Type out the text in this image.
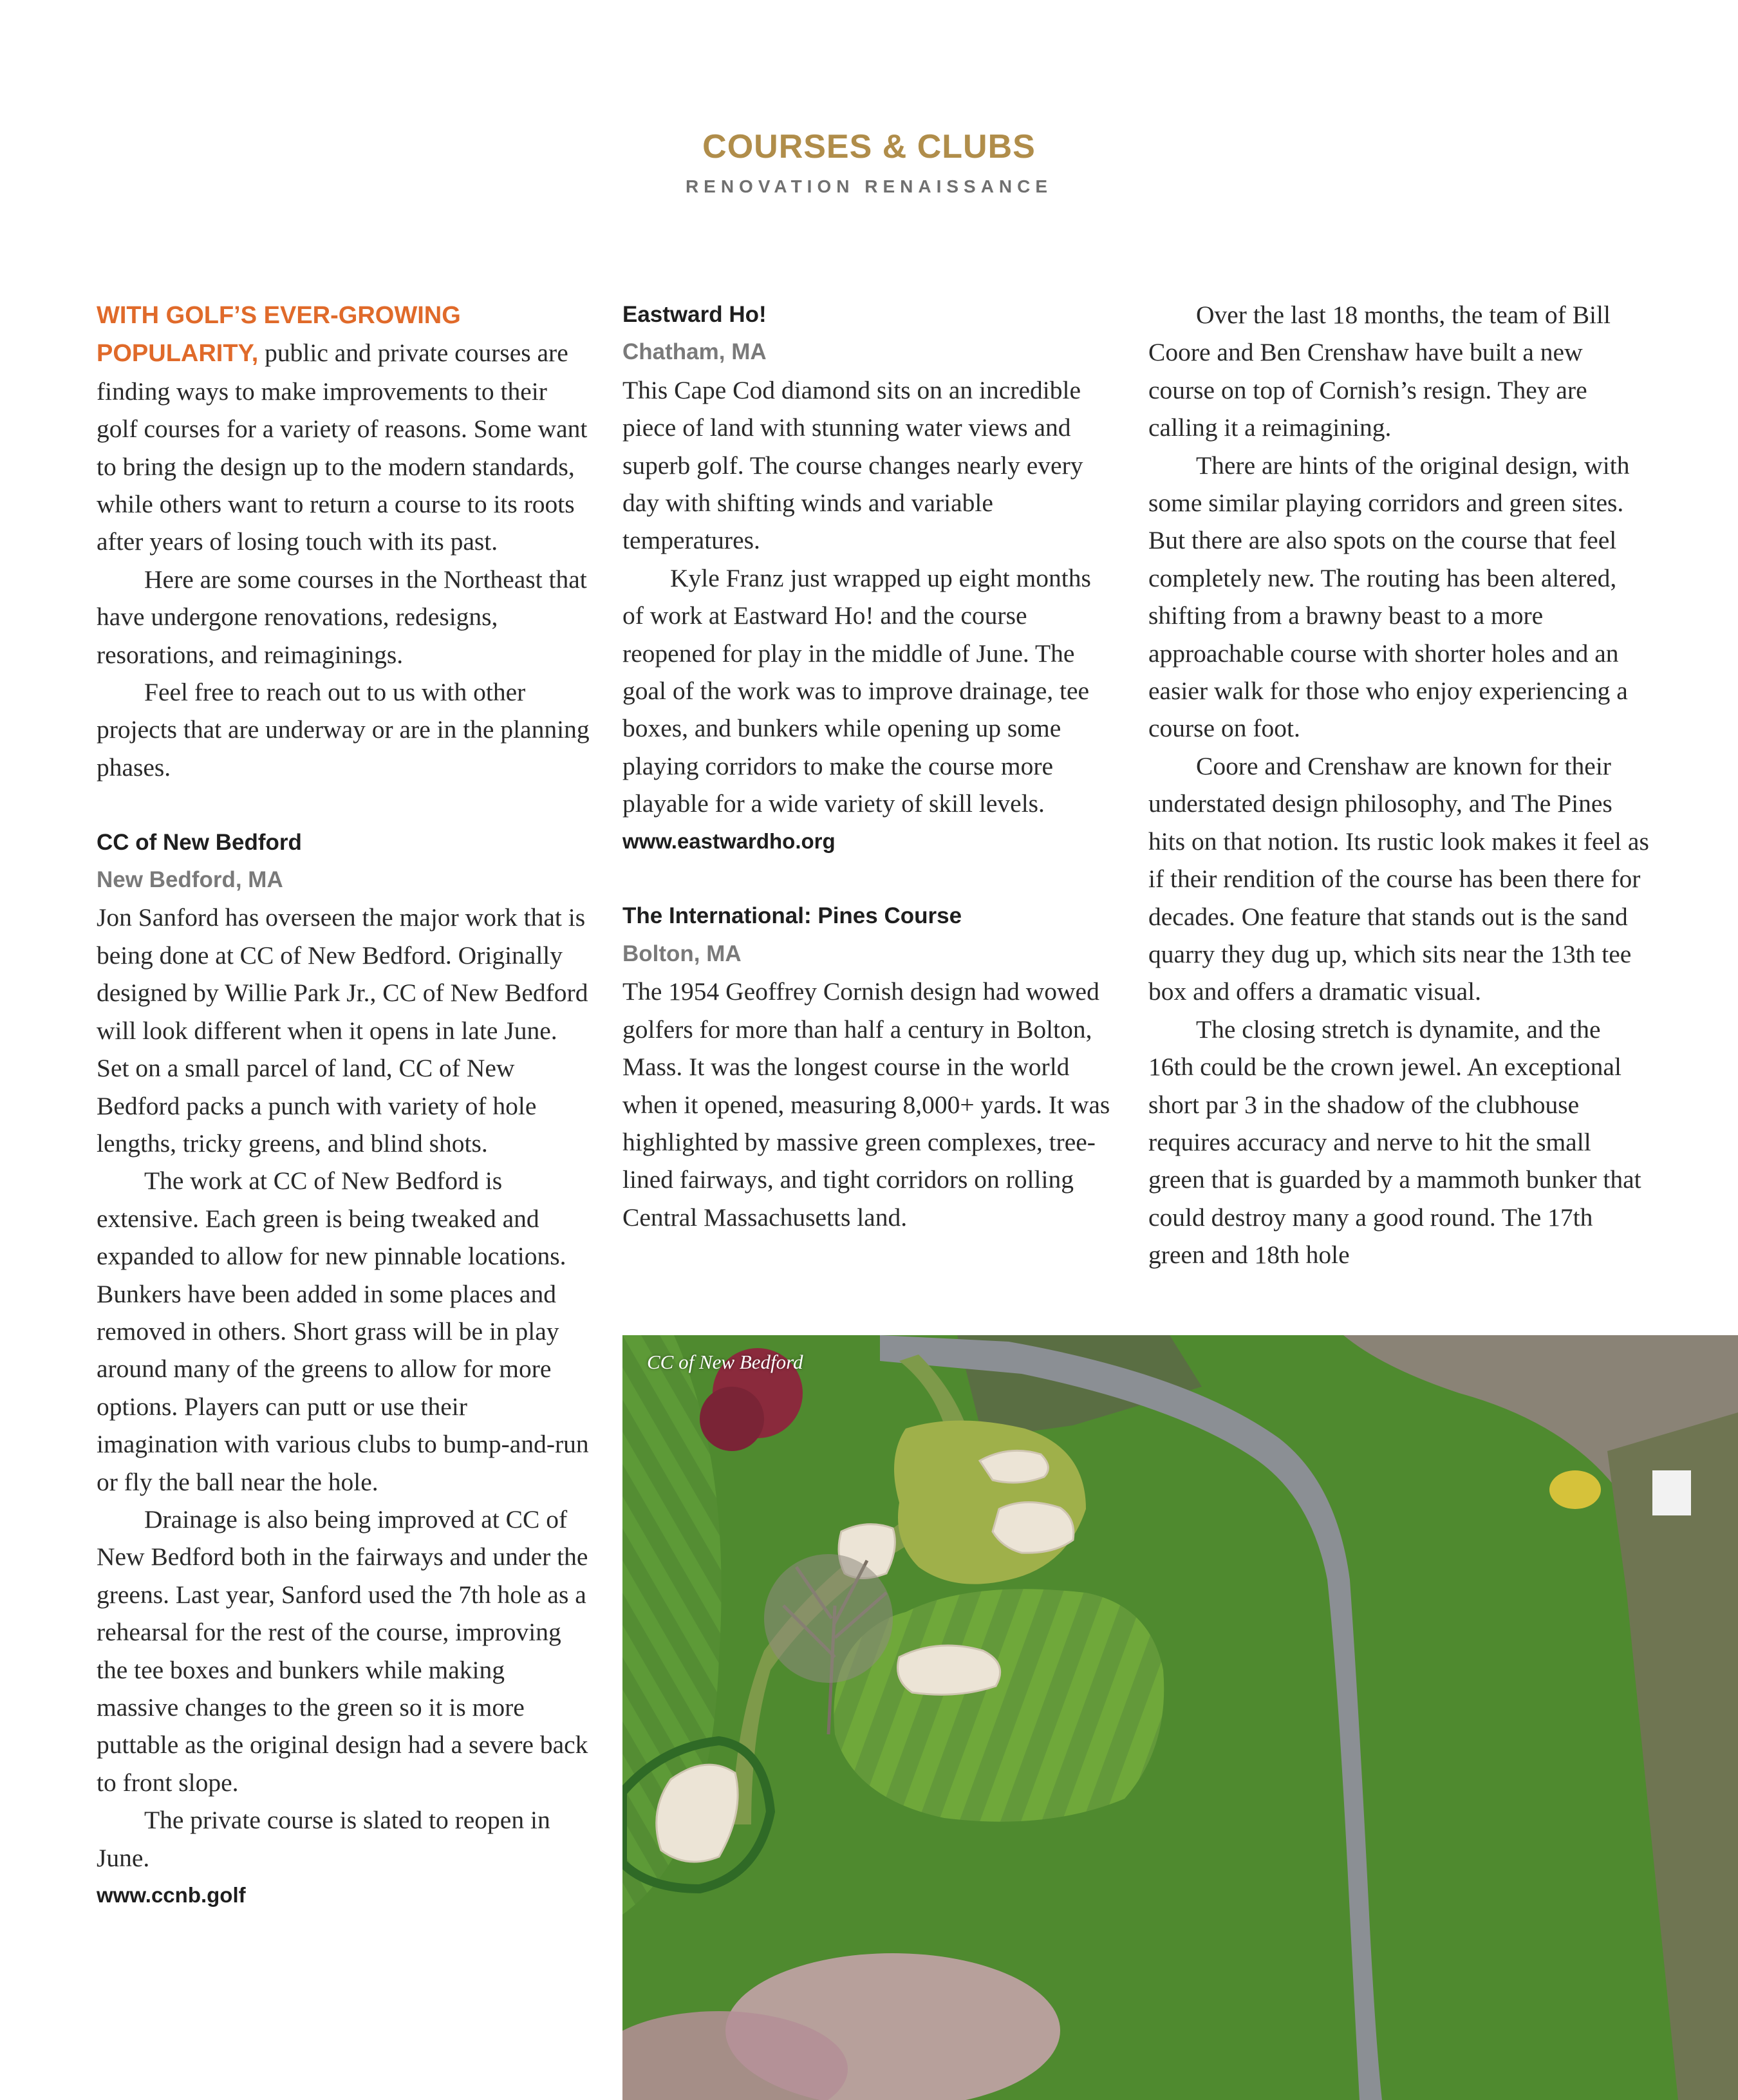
COURSES & CLUBS
RENOVATION RENAISSANCE

WITH GOLF’S EVER-GROWING
POPULARITY, public and private courses are finding ways to make improvements to their golf courses for a variety of reasons. Some want to bring the design up to the modern standards, while others want to return a course to its roots after years of losing touch with its past.

Here are some courses in the Northeast that have undergone renovations, redesigns, resorations, and reimaginings.

Feel free to reach out to us with other projects that are underway or are in the planning phases.

CC of New Bedford

New Bedford, MA

Jon Sanford has overseen the major work that is being done at CC of New Bedford. Originally designed by Willie Park Jr., CC of New Bedford will look different when it opens in late June. Set on a small parcel of land, CC of New Bedford packs a punch with variety of hole lengths, tricky greens, and blind shots.

The work at CC of New Bedford is extensive. Each green is being tweaked and expanded to allow for new pinnable locations. Bunkers have been added in some places and removed in others. Short grass will be in play around many of the greens to allow for more options. Players can putt or use their imagination with various clubs to bump-and-run or fly the ball near the hole.

Drainage is also being improved at CC of New Bedford both in the fairways and under the greens. Last year, Sanford used the 7th hole as a rehearsal for the rest of the course, improving the tee boxes and bunkers while making massive changes to the green so it is more puttable as the original design had a severe back to front slope.

The private course is slated to reopen in June.

www.ccnb.golf

Eastward Ho!

Chatham, MA

This Cape Cod diamond sits on an incredible piece of land with stunning water views and superb golf. The course changes nearly every day with shifting winds and variable temperatures.

Kyle Franz just wrapped up eight months of work at Eastward Ho! and the course reopened for play in the middle of June. The goal of the work was to improve drainage, tee boxes, and bunkers while opening up some playing corridors to make the course more playable for a wide variety of skill levels.

www.eastwardho.org

The International: Pines Course

Bolton, MA

The 1954 Geoffrey Cornish design had wowed golfers for more than half a century in Bolton, Mass. It was the longest course in the world when it opened, measuring 8,000+ yards. It was highlighted by massive green complexes, tree-lined fairways, and tight corridors on rolling Central Massachusetts land.

Over the last 18 months, the team of Bill Coore and Ben Crenshaw have built a new course on top of Cornish’s resign. They are calling it a reimagining.

There are hints of the original design, with some similar playing corridors and green sites. But there are also spots on the course that feel completely new. The routing has been altered, shifting from a brawny beast to a more approachable course with shorter holes and an easier walk for those who enjoy experiencing a course on foot.

Coore and Crenshaw are known for their understated design philosophy, and The Pines hits on that notion. Its rustic look makes it feel as if their rendition of the course has been there for decades. One feature that stands out is the sand quarry they dug up, which sits near the 13th tee box and offers a dramatic visual.

The closing stretch is dynamite, and the 16th could be the crown jewel. An exceptional short par 3 in the shadow of the clubhouse requires accuracy and nerve to hit the small green that is guarded by a mammoth bunker that could destroy many a good round. The 17th green and 18th hole

CC of New Bedford
